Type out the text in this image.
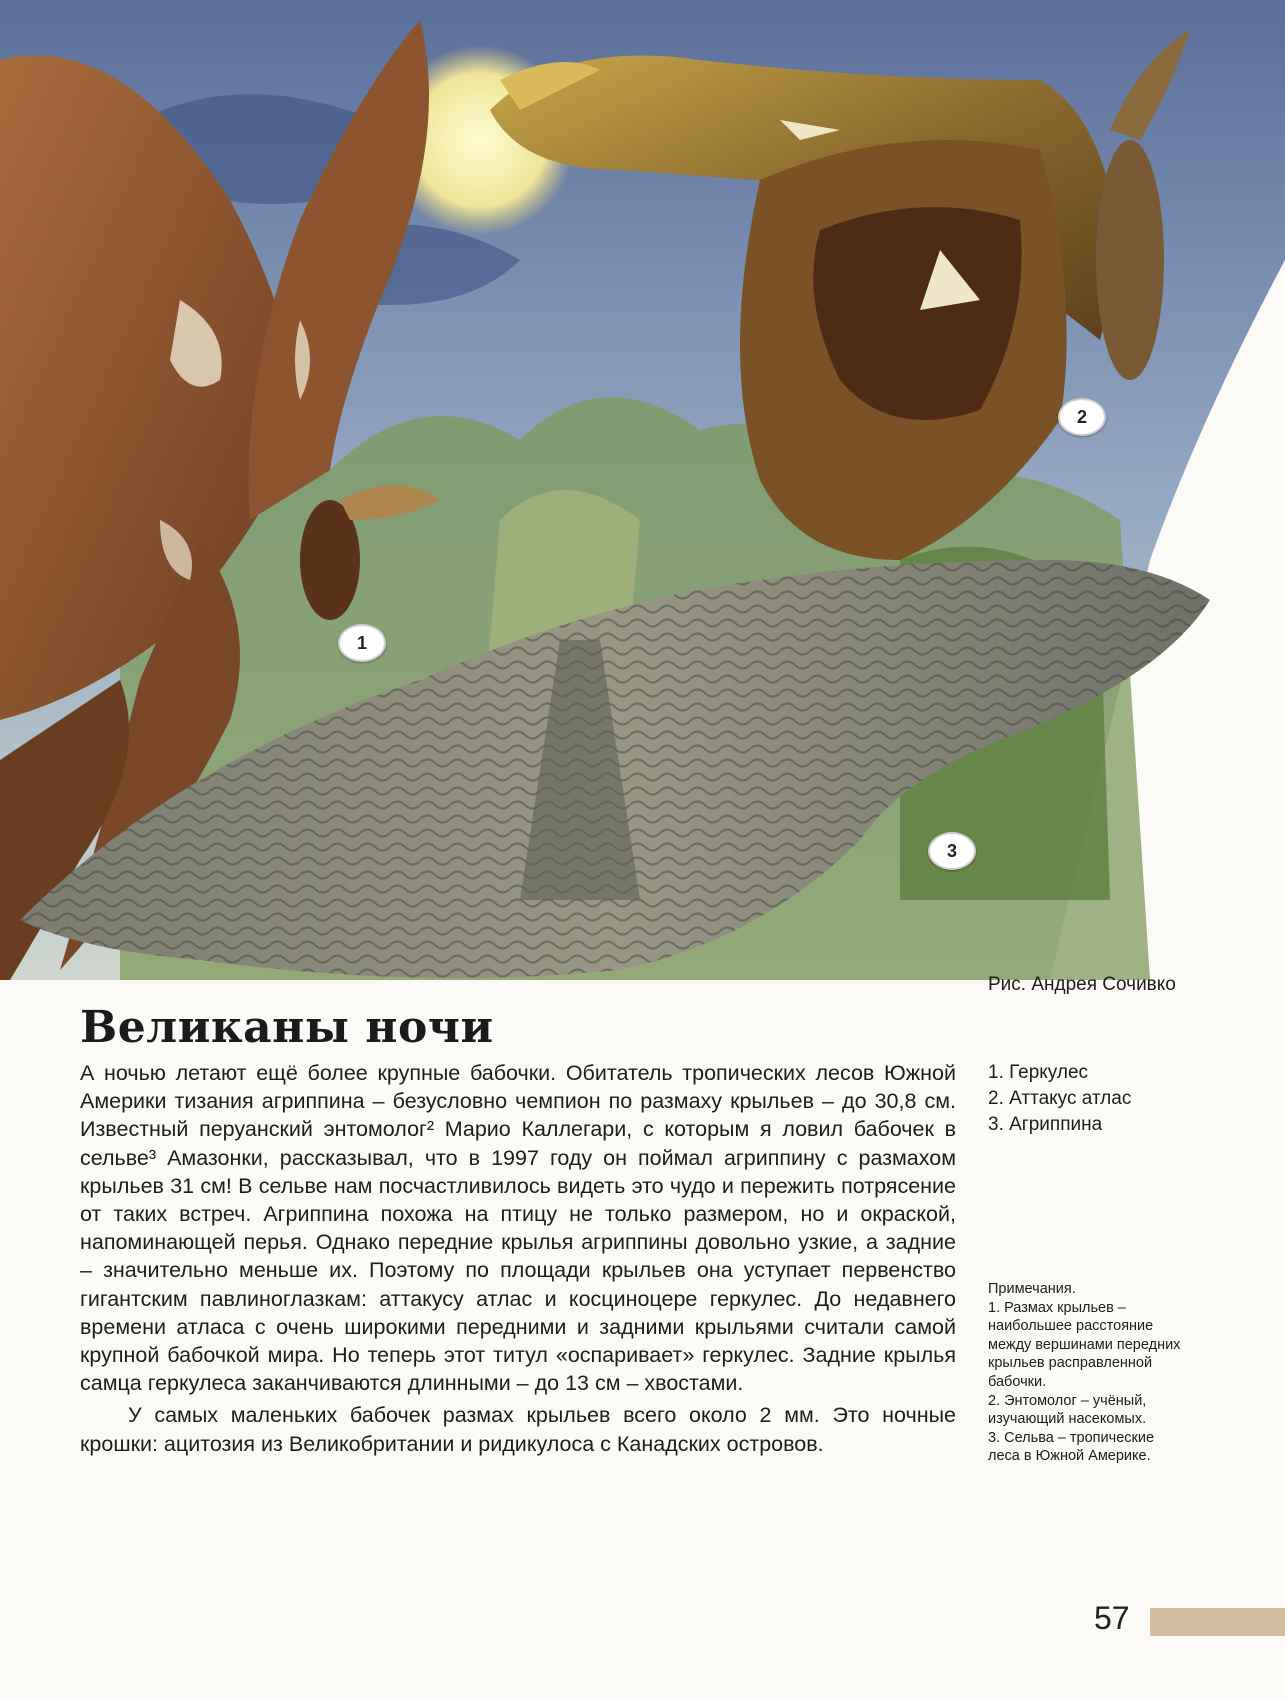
1
2
3
Рис. Андрея Сочивко
Великаны ночи

А ночью летают ещё более крупные бабочки. Обитатель тропических лесов Южной Америки тизания агриппина – безусловно чемпион по размаху крыльев – до 30,8 см. Известный перуанский энтомолог² Марио Каллегари, с которым я ловил бабочек в сельве³ Амазонки, рассказывал, что в 1997 году он поймал агриппину с размахом крыльев 31 см! В сельве нам посчастливилось видеть это чудо и пережить потрясение от таких встреч. Агриппина похожа на птицу не только размером, но и окраской, напоминающей перья. Однако передние крылья агриппины довольно узкие, а задние – значительно меньше их. Поэтому по площади крыльев она уступает первенство гигантским павлиноглазкам: аттакусу атлас и косциноцере геркулес. До недавнего времени атласа с очень широкими передними и задними крыльями считали самой крупной бабочкой мира. Но теперь этот титул «оспаривает» геркулес. Задние крылья самца геркулеса заканчиваются длинными – до 13 см – хвостами.

У самых маленьких бабочек размах крыльев всего около 2 мм. Это ночные крошки: ацитозия из Великобритании и ридикулоса с Канадских островов.

1. Геркулес
2. Аттакус атлас
3. Агриппина
Примечания.
1. Размах крыльев – наибольшее расстояние между вершинами передних крыльев расправленной бабочки.
2. Энтомолог – учёный, изучающий насекомых.
3. Сельва – тропические леса в Южной Америке.
57
